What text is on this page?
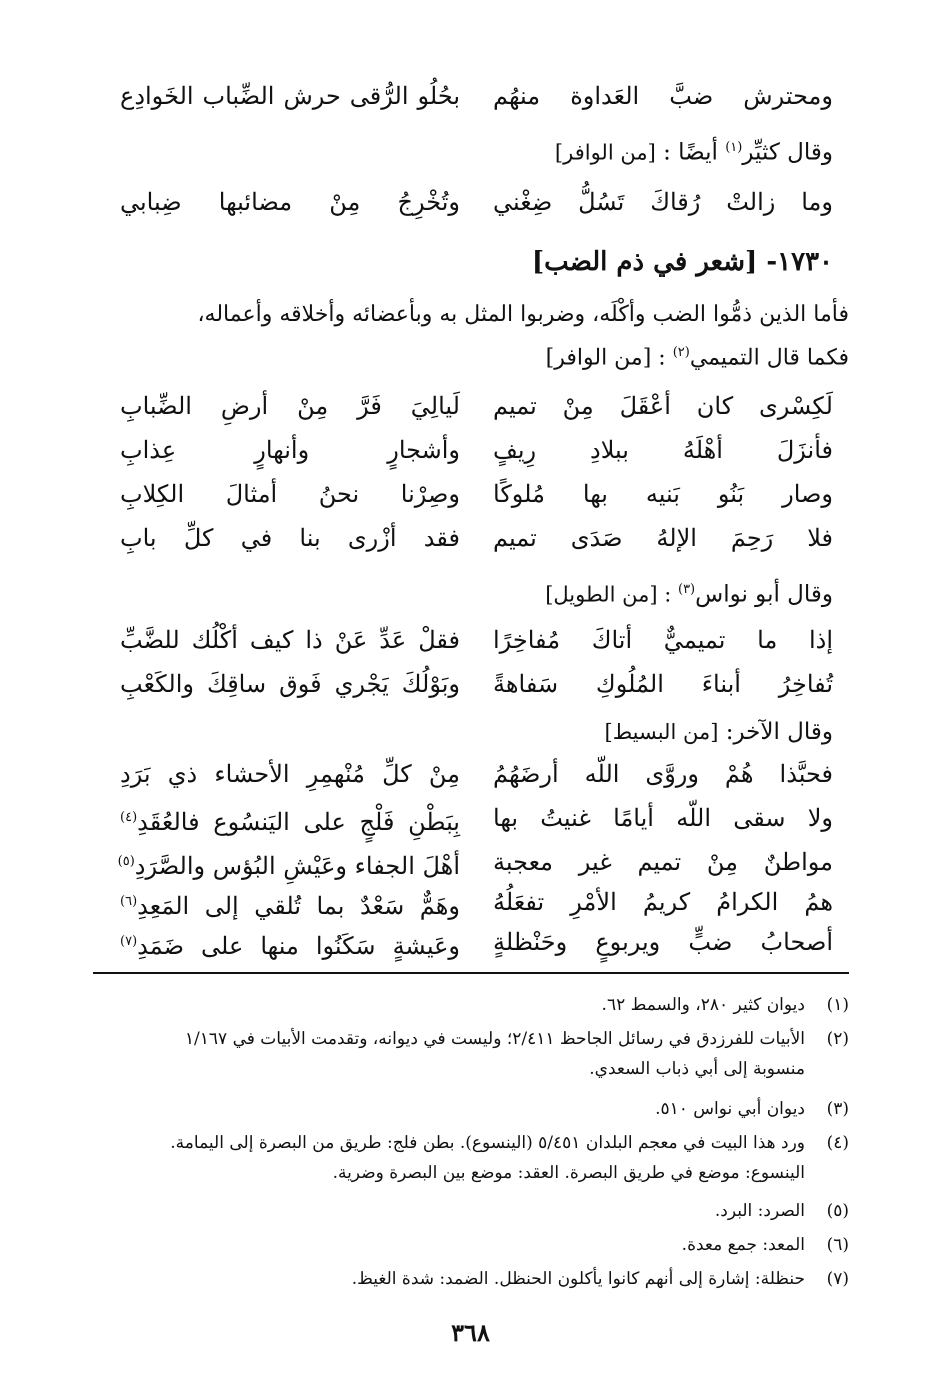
ومحترش ضبَّ العَداوة منهُم
بحُلُو الرُّقى حرش الضِّباب الخَوادِع
وقال كثيِّر$^{(١)}$ أيضًا : [من الوافر]
وما زالتْ رُقاكَ تَسُلُّ ضِغْني
وتُخْرِجُ مِنْ مضائبها ضِبابي
١٧٣٠- [شعر في ذم الضب]
فأما الذين ذمُّوا الضب وأكْلَه، وضربوا المثل به وبأعضائه وأخلاقه وأعماله،
فكما قال التميمي$^{(٢)}$ : [من الوافر]
لَكِسْرى كان أعْقَلَ مِنْ تميم
لَيالِيَ فَرَّ مِنْ أرضِ الضِّبابِ
فأنزَلَ أهْلَهُ ببلادِ رِيفٍ
وأشجارٍ وأنهارٍ عِذابِ
وصار بَنُو بَنيه بها مُلوكًا
وصِرْنا نحنُ أمثالَ الكِلابِ
فلا رَحِمَ الإلهُ صَدَى تميم
فقد أزْرى بنا في كلِّ بابِ
وقال أبو نواس$^{(٣)}$ : [من الطويل]
إذا ما تميميٌّ أتاكَ مُفاخِرًا
فقلْ عَدِّ عَنْ ذا كيف أكْلُك للضَّبِّ
تُفاخِرُ أبناءَ المُلُوكِ سَفاهةً
وبَوْلُكَ يَجْري فَوق ساقِكَ والكَعْبِ
وقال الآخر: [من البسيط]
فحبَّذا هُمْ وروَّى اللّه أرضَهُمُ
مِنْ كلِّ مُنْهمِرِ الأحشاء ذي بَرَدِ
ولا سقى اللّه أيامًا غنيتُ بها
بِبَطْنِ فَلْجٍ على اليَنسُوع فالعُقَدِ$^{(٤)}$
مواطنٌ مِنْ تميم غير معجبة
أهْلَ الجفاء وعَيْشِ البُؤس والصَّرَدِ$^{(٥)}$
همُ الكرامُ كريمُ الأمْرِ تفعَلُهُ
وهَمٌّ سَعْدٌ بما تُلقي إلى المَعِدِ$^{(٦)}$
أصحابُ ضبٍّ ويربوعٍ وحَنْظلةٍ
وعَيشةٍ سَكَنُوا منها على ضَمَدِ$^{(٧)}$
(١)ديوان كثير ٢٨٠، والسمط ٦٢.
(٢)الأبيات للفرزدق في رسائل الجاحظ ٢/٤١١؛ وليست في ديوانه، وتقدمت الأبيات في ١/١٦٧
منسوبة إلى أبي ذباب السعدي.
(٣)ديوان أبي نواس ٥١٠.
(٤)ورد هذا البيت في معجم البلدان ٥/٤٥١ (الينسوع). بطن فلج: طريق من البصرة إلى اليمامة.
الينسوع: موضع في طريق البصرة. العقد: موضع بين البصرة وضرية.
(٥)الصرد: البرد.
(٦)المعد: جمع معدة.
(٧)حنظلة: إشارة إلى أنهم كانوا يأكلون الحنظل. الضمد: شدة الغيظ.
٣٦٨
